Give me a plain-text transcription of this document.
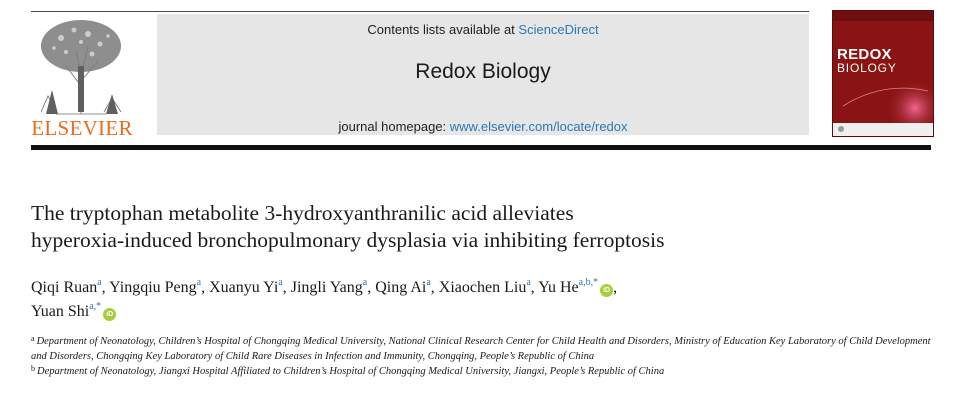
ELSEVIER
Contents lists available at ScienceDirect
Redox Biology
journal homepage: www.elsevier.com/locate/redox
REDOX
BIOLOGY
The tryptophan metabolite 3-hydroxyanthranilic acid alleviates
hyperoxia-induced bronchopulmonary dysplasia via inhibiting ferroptosis
Qiqi Ruan$^a$, Yingqiu Peng$^a$, Xuanyu Yi$^a$, Jingli Yang$^a$, Qing Ai$^a$, Xiaochen Liu$^a$, Yu $He^{a,b,*}iD$ ,
Yuan Shi$^{a,*}$iD

$^a$ Department of Neonatology, Children’s Hospital of Chongqing Medical University, National Clinical Research Center for Child Health and Disorders, Ministry of Education Key Laboratory of Child Development and Disorders, Chongqing Key Laboratory of Child Rare Diseases in Infection and Immunity, Chongqing, People’s Republic of China

$^b$ Department of Neonatology, Jiangxi Hospital Affiliated to Children’s Hospital of Chongqing Medical University, Jiangxi, People’s Republic of China
